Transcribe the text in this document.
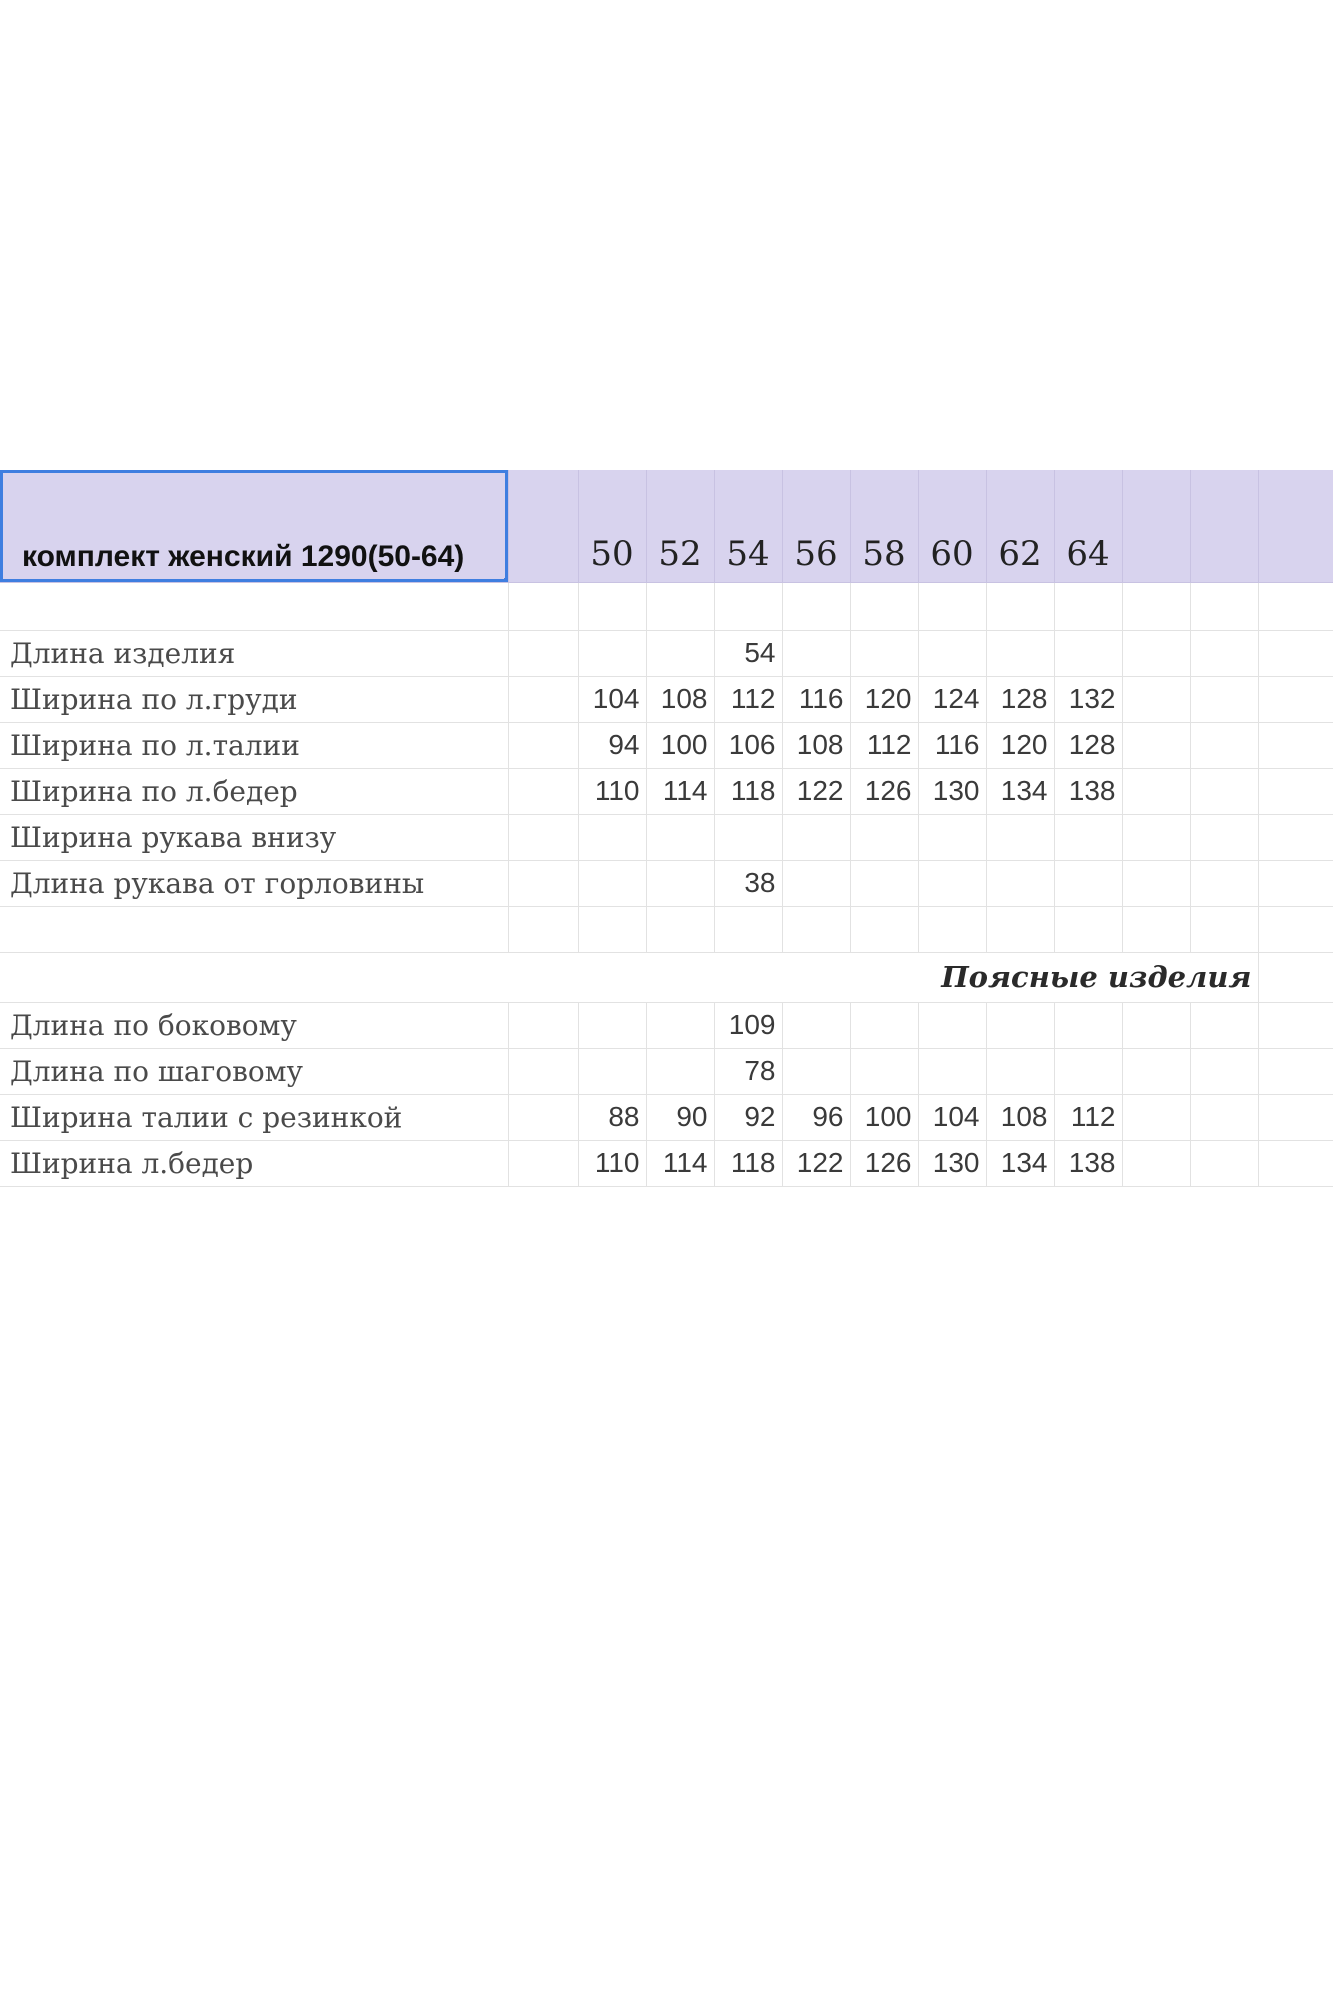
комплект женский 1290(50-64)		50	52	54	56	58	60	62	64			

Длина изделия				54								
Ширина по л.груди		104	108	112	116	120	124	128	132			
Ширина по л.талии		94	100	106	108	112	116	120	128			
Ширина по л.бедер		110	114	118	122	126	130	134	138			
Ширина рукава внизу												
Длина рукава от горловины				38								

Поясные изделия												
Длина по боковому				109								
Длина по шаговому				78								
Ширина талии с резинкой		88	90	92	96	100	104	108	112			
Ширина л.бедер		110	114	118	122	126	130	134	138			
